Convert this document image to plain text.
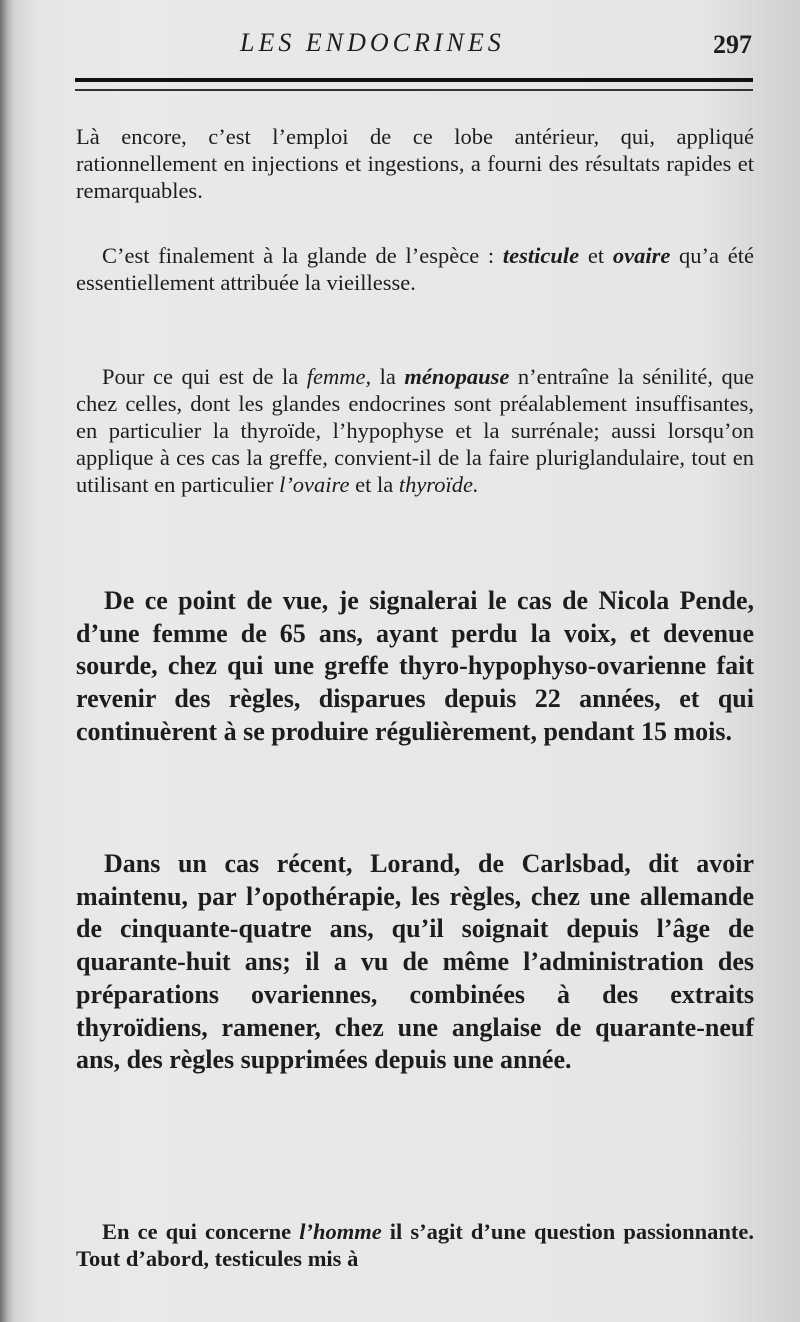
LES ENDOCRINES	297

Là encore, c’est l’emploi de ce lobe antérieur, qui, appliqué rationnellement en injections et ingestions, a fourni des résultats rapides et remarquables.

C’est finalement à la glande de l’espèce : testicule et ovaire qu’a été essentiellement attribuée la vieillesse.

Pour ce qui est de la femme, la ménopause n’entraîne la sénilité, que chez celles, dont les glandes endocrines sont préalablement insuffisantes, en particulier la thyroïde, l’hypophyse et la surrénale; aussi lorsqu’on applique à ces cas la greffe, convient-il de la faire pluriglandulaire, tout en utilisant en particulier l’ovaire et la thyroïde.

De ce point de vue, je signalerai le cas de Nicola Pende, d’une femme de 65 ans, ayant perdu la voix, et devenue sourde, chez qui une greffe thyro-hypophyso-ovarienne fait revenir des règles, disparues depuis 22 années, et qui continuèrent à se produire régulièrement, pendant 15 mois.

Dans un cas récent, Lorand, de Carlsbad, dit avoir maintenu, par l’opothérapie, les règles, chez une allemande de cinquante-quatre ans, qu’il soignait depuis l’âge de quarante-huit ans; il a vu de même l’administration des préparations ovariennes, combinées à des extraits thyroïdiens, ramener, chez une anglaise de quarante-neuf ans, des règles supprimées depuis une année.

En ce qui concerne l’homme il s’agit d’une question passionnante. Tout d’abord, testicules mis à
